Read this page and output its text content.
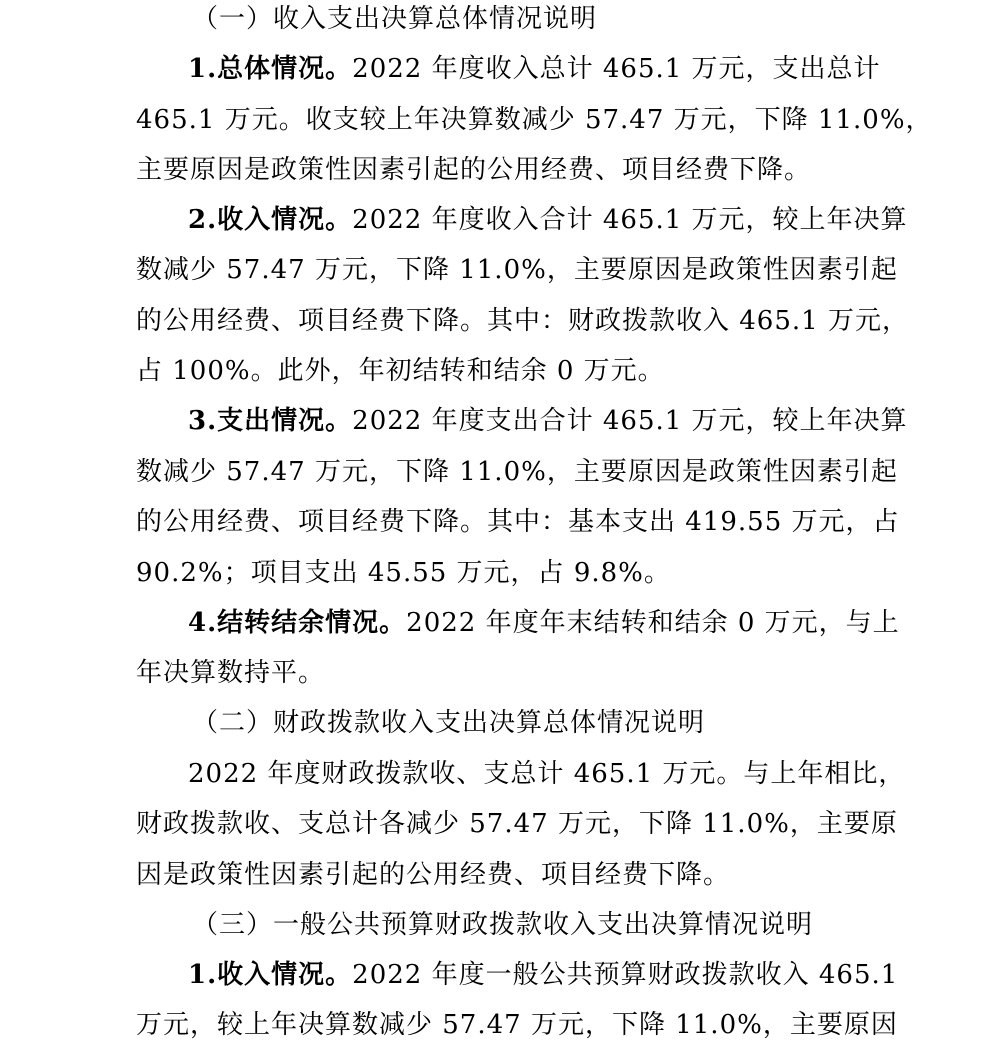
（一）收入支出决算总体情况说明

1.总体情况。2022 年度收入总计 465.1 万元，支出总计

465.1 万元。收支较上年决算数减少 57.47 万元，下降 11.0%，

主要原因是政策性因素引起的公用经费、项目经费下降。

2.收入情况。2022 年度收入合计 465.1 万元，较上年决算

数减少 57.47 万元，下降 11.0%，主要原因是政策性因素引起

的公用经费、项目经费下降。其中：财政拨款收入 465.1 万元，

占 100%。此外，年初结转和结余 0 万元。

3.支出情况。2022 年度支出合计 465.1 万元，较上年决算

数减少 57.47 万元，下降 11.0%，主要原因是政策性因素引起

的公用经费、项目经费下降。其中：基本支出 419.55 万元，占

90.2%；项目支出 45.55 万元，占 9.8%。

4.结转结余情况。2022 年度年末结转和结余 0 万元，与上

年决算数持平。

（二）财政拨款收入支出决算总体情况说明

2022 年度财政拨款收、支总计 465.1 万元。与上年相比，

财政拨款收、支总计各减少 57.47 万元，下降 11.0%，主要原

因是政策性因素引起的公用经费、项目经费下降。

（三）一般公共预算财政拨款收入支出决算情况说明

1.收入情况。2022 年度一般公共预算财政拨款收入 465.1

万元，较上年决算数减少 57.47 万元，下降 11.0%，主要原因
